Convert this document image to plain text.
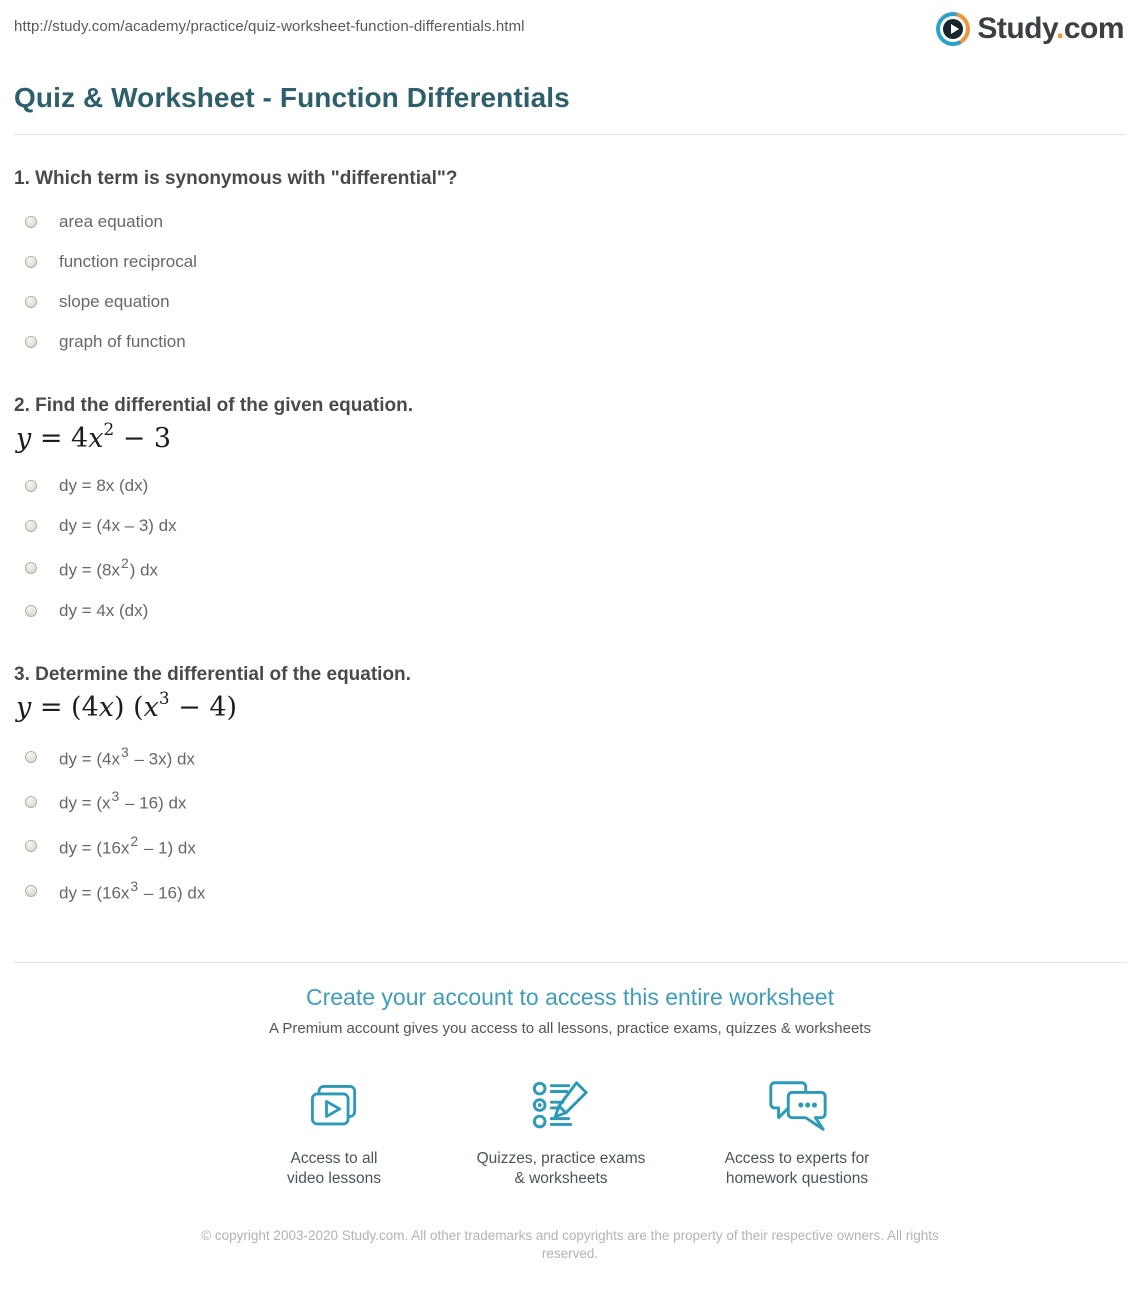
http://study.com/academy/practice/quiz-worksheet-function-differentials.html	Study.com
Quiz & Worksheet - Function Differentials
1. Which term is synonymous with "differential"?
area equation
function reciprocal
slope equation
graph of function
2. Find the differential of the given equation.
$y = 4x^2 - 3$
dy = 8x (dx)
dy = (4x – 3) dx
dy = $(8x^2)$ dx
dy = 4x (dx)
3. Determine the differential of the equation.
y = (4x) $(x^3 - 4)$
dy = $(4x^3 - 3x)$ dx
dy = $(x^3 - 16)$ dx
dy = $(16x^2 - 1)$ dx
dy = $(16x^3 - 16)$ dx
Create your account to access this entire worksheet
A Premium account gives you access to all lessons, practice exams, quizzes & worksheets
Access to all
video lessons
Quizzes, practice exams
& worksheets
Access to experts for
homework questions
© copyright 2003-2020 Study.com. All other trademarks and copyrights are the property of their respective owners. All rights reserved.
